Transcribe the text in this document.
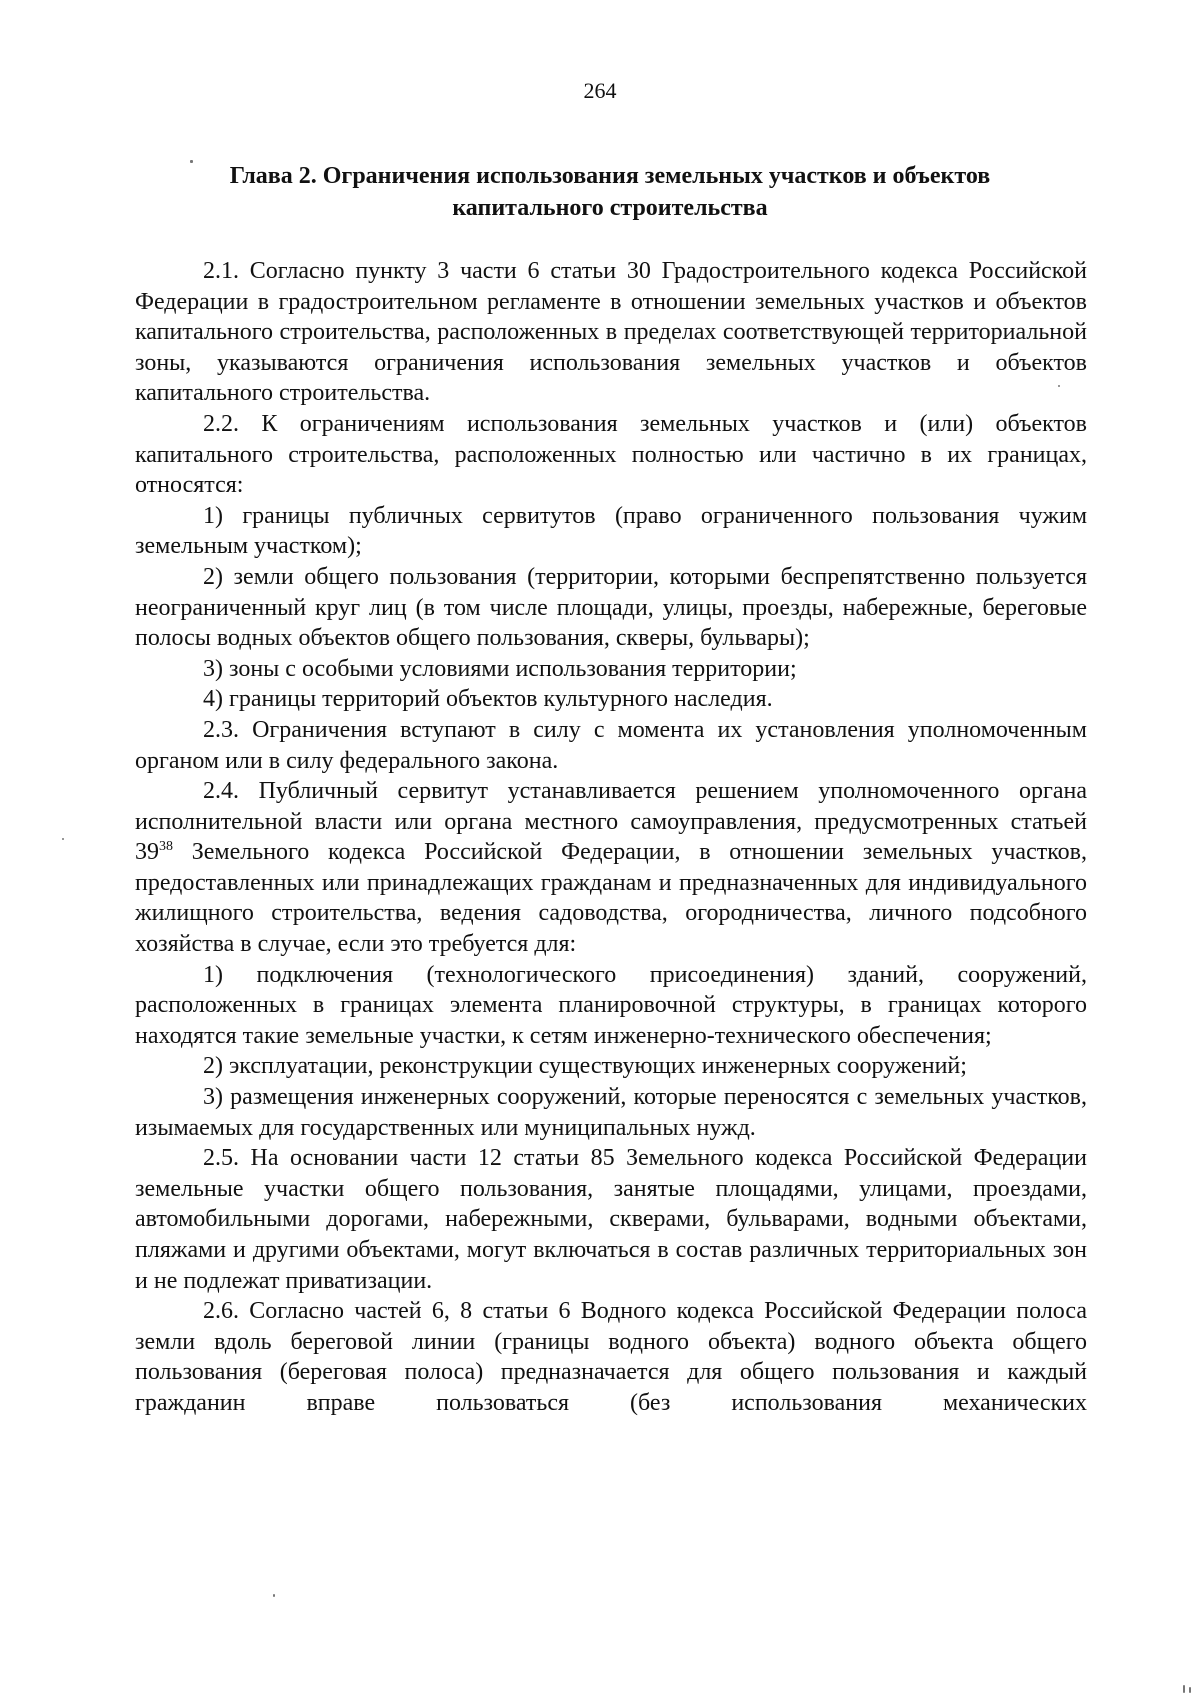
264
Глава 2. Ограничения использования земельных участков и объектов
капитального строительства

2.1. Согласно пункту 3 части 6 статьи 30 Градостроительного кодекса Российской Федерации в градостроительном регламенте в отношении земельных участков и объектов капитального строительства, расположенных в пределах соответствующей территориальной зоны, указываются ограничения использования земельных участков и объектов капитального строительства.

2.2. К ограничениям использования земельных участков и (или) объектов капитального строительства, расположенных полностью или частично в их границах, относятся:

1) границы публичных сервитутов (право ограниченного пользования чужим земельным участком);

2) земли общего пользования (территории, которыми беспрепятственно пользуется неограниченный круг лиц (в том числе площади, улицы, проезды, набережные, береговые полосы водных объектов общего пользования, скверы, бульвары);

3) зоны с особыми условиями использования территории;

4) границы территорий объектов культурного наследия.

2.3. Ограничения вступают в силу с момента их установления уполномоченным органом или в силу федерального закона.

2.4. Публичный сервитут устанавливается решением уполномоченного органа исполнительной власти или органа местного самоуправления, предусмотренных статьей $39^{38}$ Земельного кодекса Российской Федерации, в отношении земельных участков, предоставленных или принадлежащих гражданам и предназначенных для индивидуального жилищного строительства, ведения садоводства, огородничества, личного подсобного хозяйства в случае, если это требуется для:

1) подключения (технологического присоединения) зданий, сооружений, расположенных в границах элемента планировочной структуры, в границах которого находятся такие земельные участки, к сетям инженерно-технического обеспечения;

2) эксплуатации, реконструкции существующих инженерных сооружений;

3) размещения инженерных сооружений, которые переносятся с земельных участков, изымаемых для государственных или муниципальных нужд.

2.5. На основании части 12 статьи 85 Земельного кодекса Российской Федерации земельные участки общего пользования, занятые площадями, улицами, проездами, автомобильными дорогами, набережными, скверами, бульварами, водными объектами, пляжами и другими объектами, могут включаться в состав различных территориальных зон и не подлежат приватизации.

2.6. Согласно частей 6, 8 статьи 6 Водного кодекса Российской Федерации полоса земли вдоль береговой линии (границы водного объекта) водного объекта общего пользования (береговая полоса) предназначается для общего пользования и каждый гражданин вправе пользоваться (без использования механических
